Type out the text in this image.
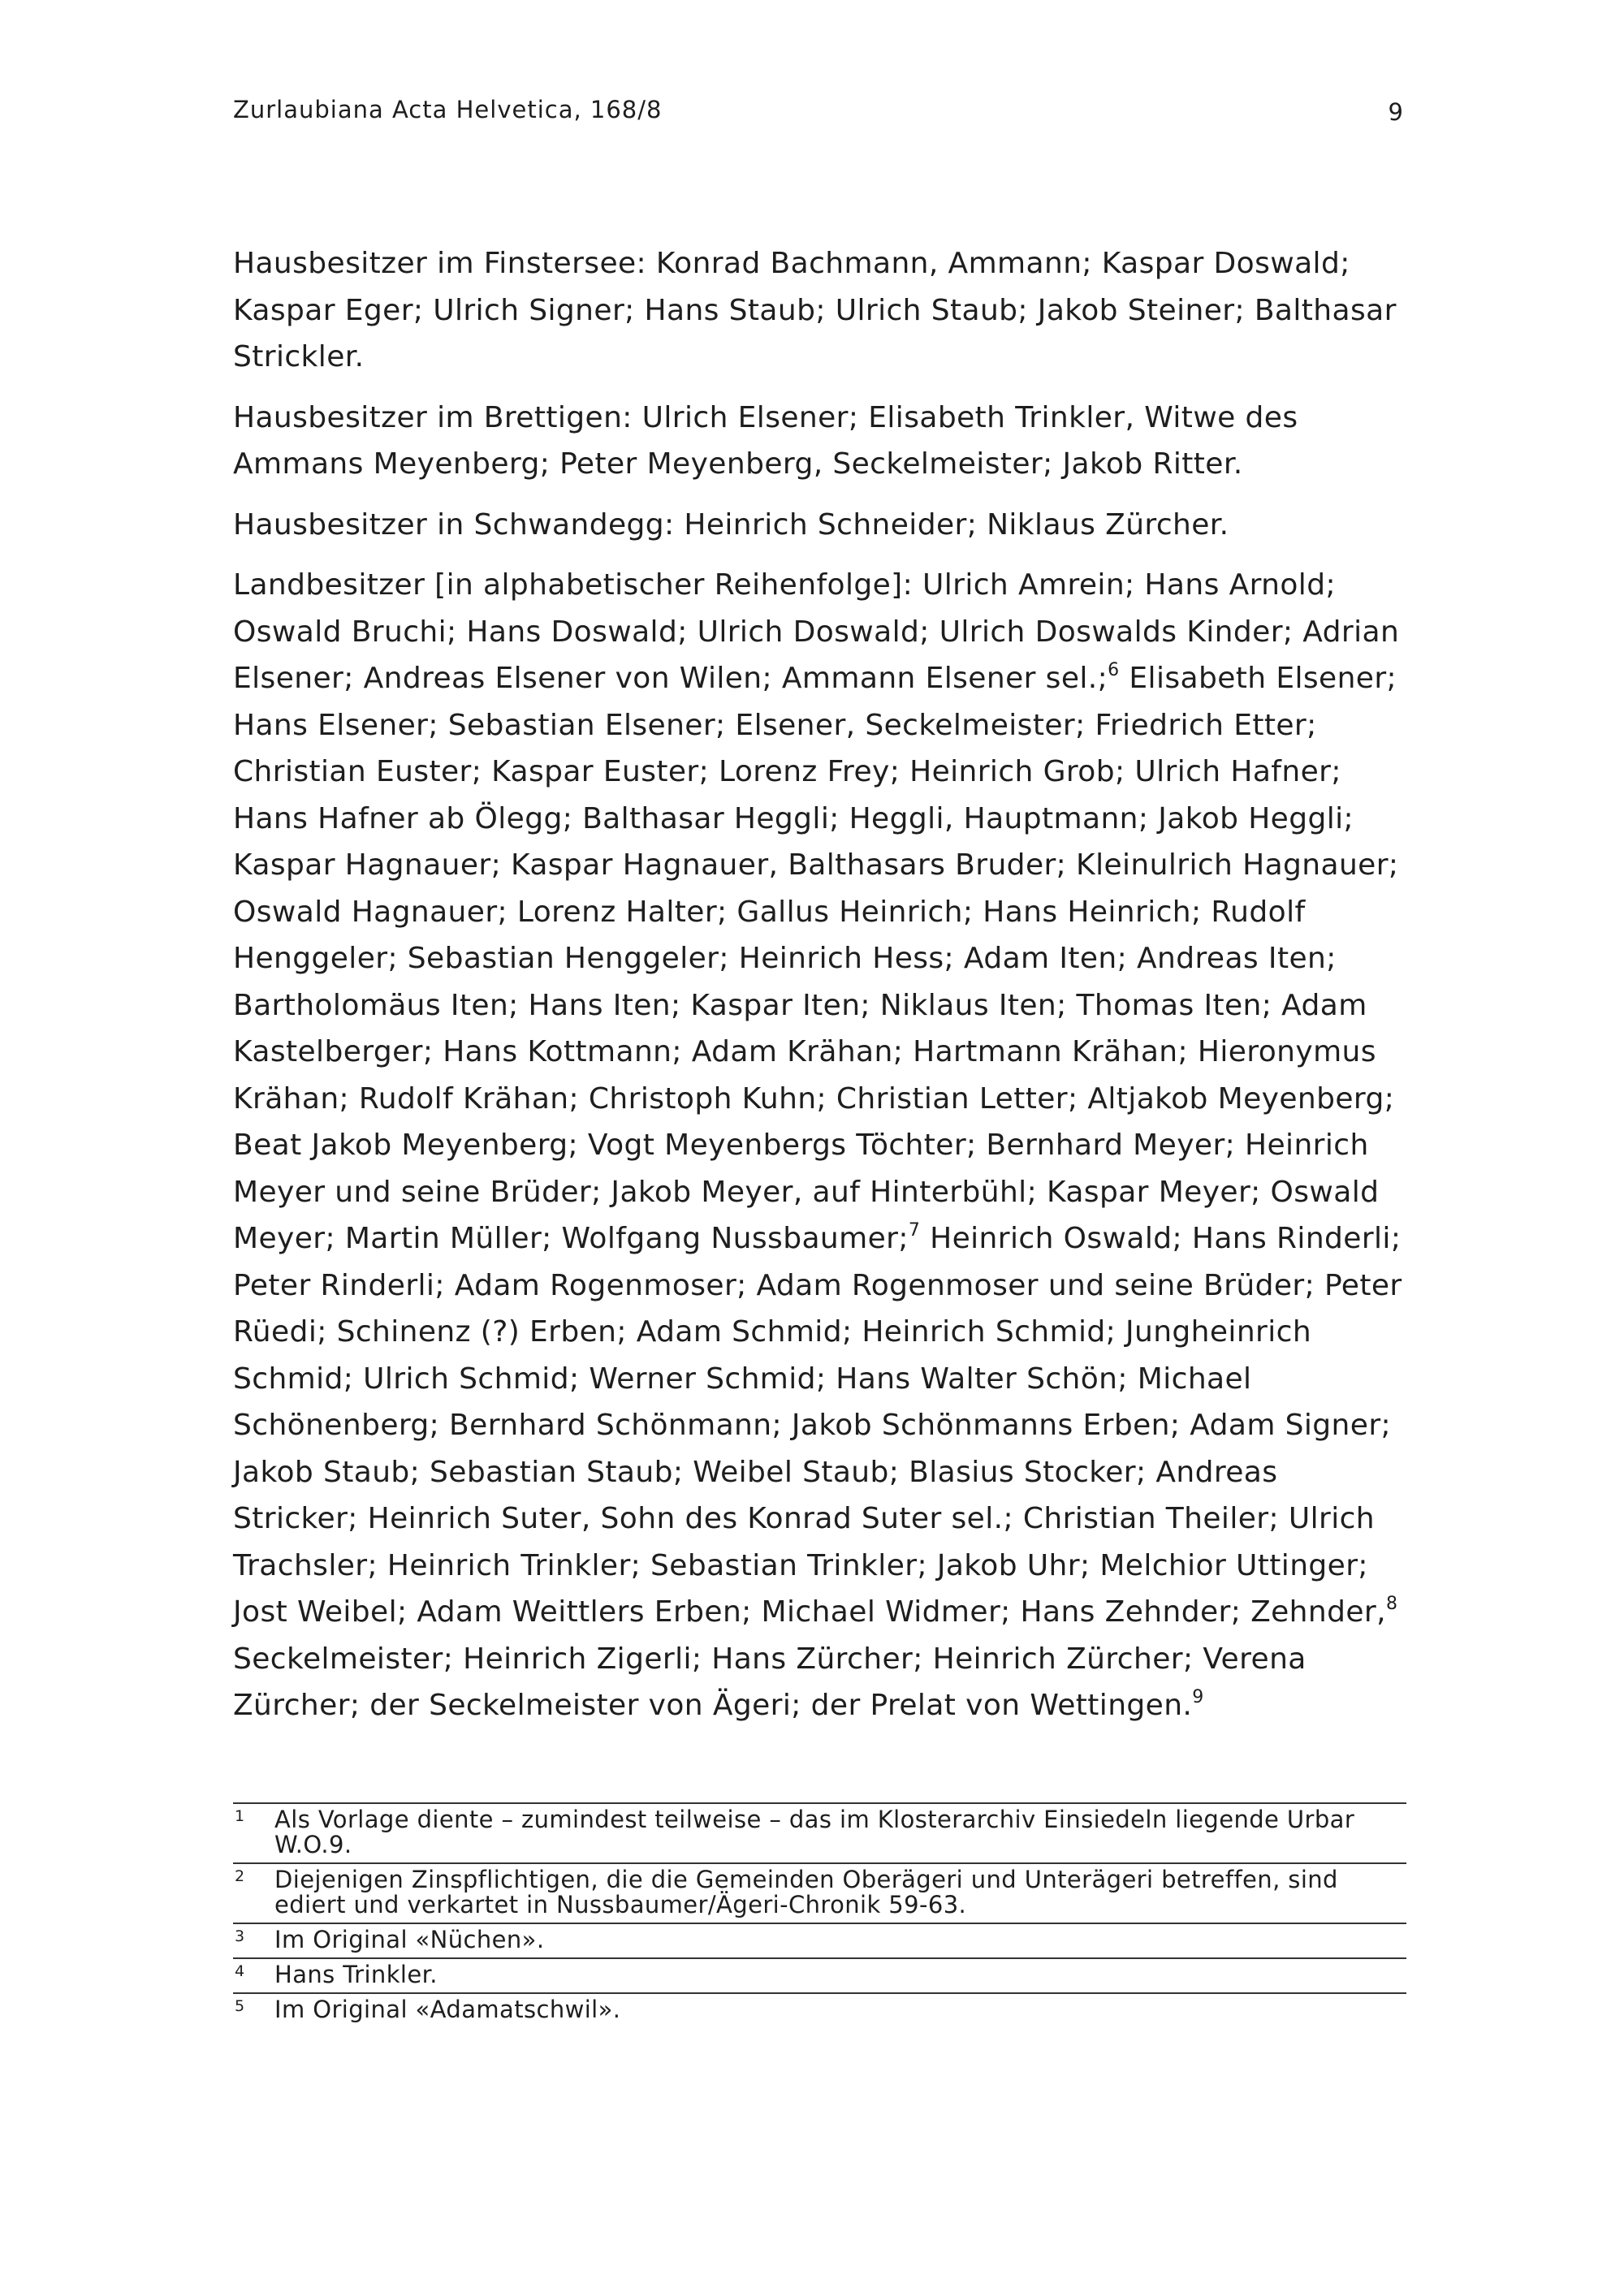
Zurlaubiana Acta Helvetica, 168/8	9

Hausbesitzer im Finstersee: Konrad Bachmann, Ammann; Kaspar Doswald; Kaspar Eger; Ulrich Signer; Hans Staub; Ulrich Staub; Jakob Steiner; Balthasar Strickler.

Hausbesitzer im Brettigen: Ulrich Elsener; Elisabeth Trinkler, Witwe des Ammans Meyenberg; Peter Meyenberg, Seckelmeister; Jakob Ritter.

Hausbesitzer in Schwandegg: Heinrich Schneider; Niklaus Zürcher.

Landbesitzer [in alphabetischer Reihenfolge]: Ulrich Amrein; Hans Arnold; Oswald Bruchi; Hans Doswald; Ulrich Doswald; Ulrich Doswalds Kinder; Adrian Elsener; Andreas Elsener von Wilen; Ammann Elsener sel.;$^6$ Elisabeth Elsener; Hans Elsener; Sebastian Elsener; Elsener, Seckelmeister; Friedrich Etter; Christian Euster; Kaspar Euster; Lorenz Frey; Heinrich Grob; Ulrich Hafner; Hans Hafner ab Ölegg; Balthasar Heggli; Heggli, Hauptmann; Jakob Heggli; Kaspar Hagnauer; Kaspar Hagnauer, Balthasars Bruder; Kleinulrich Hagnauer; Oswald Hagnauer; Lorenz Halter; Gallus Heinrich; Hans Heinrich; Rudolf Henggeler; Sebastian Henggeler; Heinrich Hess; Adam Iten; Andreas Iten; Bartholomäus Iten; Hans Iten; Kaspar Iten; Niklaus Iten; Thomas Iten; Adam Kastelberger; Hans Kottmann; Adam Krähan; Hartmann Krähan; Hieronymus Krähan; Rudolf Krähan; Christoph Kuhn; Christian Letter; Altjakob Meyenberg; Beat Jakob Meyenberg; Vogt Meyenbergs Töchter; Bernhard Meyer; Heinrich Meyer und seine Brüder; Jakob Meyer, auf Hinterbühl; Kaspar Meyer; Oswald Meyer; Martin Müller; Wolfgang Nussbaumer;$^7$ Heinrich Oswald; Hans Rinderli; Peter Rinderli; Adam Rogenmoser; Adam Rogenmoser und seine Brüder; Peter Rüedi; Schinenz (?) Erben; Adam Schmid; Heinrich Schmid; Jungheinrich Schmid; Ulrich Schmid; Werner Schmid; Hans Walter Schön; Michael Schönenberg; Bernhard Schönmann; Jakob Schönmanns Erben; Adam Signer; Jakob Staub; Sebastian Staub; Weibel Staub; Blasius Stocker; Andreas Stricker; Heinrich Suter, Sohn des Konrad Suter sel.; Christian Theiler; Ulrich Trachsler; Heinrich Trinkler; Sebastian Trinkler; Jakob Uhr; Melchior Uttinger; Jost Weibel; Adam Weittlers Erben; Michael Widmer; Hans Zehnder; Zehnder,$^8$ Seckelmeister; Heinrich Zigerli; Hans Zürcher; Heinrich Zürcher; Verena Zürcher; der Seckelmeister von Ägeri; der Prelat von Wettingen.$^9$

1	Als Vorlage diente – zumindest teilweise – das im Klosterarchiv Einsiedeln liegende Urbar W.O.9.
2	Diejenigen Zinspflichtigen, die die Gemeinden Oberägeri und Unterägeri betreffen, sind ediert und verkartet in Nussbaumer/Ägeri-Chronik 59-63.
3	Im Original «Nüchen».
4	Hans Trinkler.
5	Im Original «Adamatschwil».
